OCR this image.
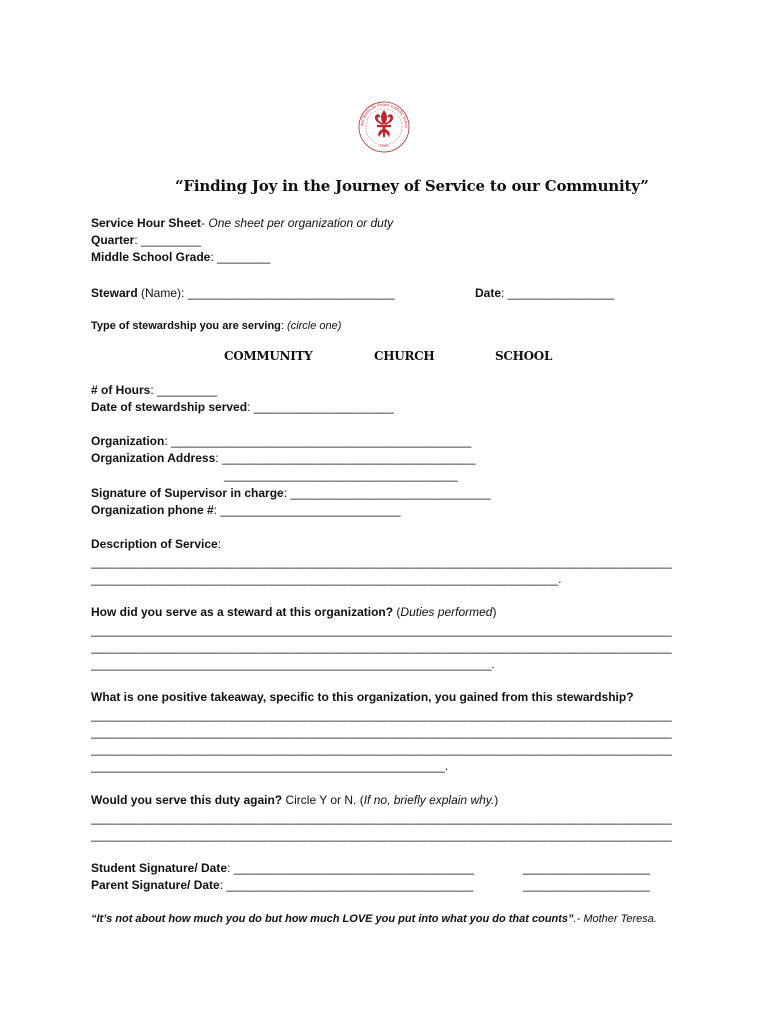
1949
aint Martin de Porres Catholic Schoo
“Finding Joy in the Journey of Service to our Community”
Service Hour Sheet- One sheet per organization or duty
Quarter: _________
Middle School Grade: ________
Steward (Name): _______________________________	Date: ________________
Type of stewardship you are serving: (circle one)
COMMUNITY	CHURCH	SCHOOL
# of Hours: _________
Date of stewardship served: _____________________
Organization: _____________________________________________
Organization Address: ______________________________________
___________________________________
Signature of Supervisor in charge: ______________________________
Organization phone #: ___________________________
Description of Service:
_______________________________________________________________________________________
______________________________________________________________________.
How did you serve as a steward at this organization? (Duties performed)
_______________________________________________________________________________________
_______________________________________________________________________________________
____________________________________________________________.
What is one positive takeaway, specific to this organization, you gained from this stewardship?
_______________________________________________________________________________________
_______________________________________________________________________________________
_______________________________________________________________________________________
_____________________________________________________.
Would you serve this duty again? Circle Y or N. (If no, briefly explain why.)
_______________________________________________________________________________________
_______________________________________________________________________________________
Student Signature/ Date: ____________________________________	___________________
Parent Signature/ Date: _____________________________________	___________________
“It’s not about how much you do but how much LOVE you put into what you do that counts”.- Mother Teresa.
